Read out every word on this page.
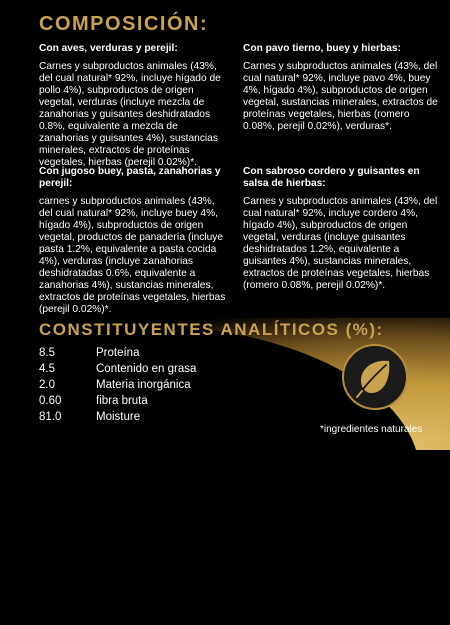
COMPOSICIÓN:
Con aves, verduras y perejil:
Carnes y subproductos animales (43%, del cual natural* 92%, incluye hígado de pollo 4%), subproductos de origen vegetal, verduras (incluye mezcla de zanahorias y guisantes deshidratados 0.8%, equivalente a mezcla de zanahorias y guisantes 4%), sustancias minerales, extractos de proteínas vegetales, hierbas (perejil 0.02%)*.
Con pavo tierno, buey y hierbas:
Carnes y subproductos animales (43%, del cual natural* 92%, incluye pavo 4%, buey 4%, hígado 4%), subproductos de origen vegetal, sustancias minerales, extractos de proteínas vegetales, hierbas (romero 0.08%, perejil 0.02%), verduras*.
Con jugoso buey, pasta, zanahorias y perejil:
carnes y subproductos animales (43%, del cual natural* 92%, incluye buey 4%, hígado 4%), subproductos de origen vegetal, productos de panadería (incluye pasta 1.2%, equivalente a pasta cocida 4%), verduras (incluye zanahorias deshidratadas 0.6%, equivalente a zanahorias 4%), sustancias minerales, extractos de proteínas vegetales, hierbas (perejil 0.02%)*.
Con sabroso cordero y guisantes en salsa de hierbas:
Carnes y subproductos animales (43%, del cual natural* 92%, incluye cordero 4%, hígado 4%), subproductos de origen vegetal, verduras (incluye guisantes deshidratados 1.2%, equivalente a guisantes 4%), sustancias minerales, extractos de proteínas vegetales, hierbas (romero 0.08%, perejil 0.02%)*.
CONSTITUYENTES ANALÍTICOS (%):
8.5	Proteína
4.5	Contenido en grasa
2.0	Materia inorgánica
0.60	fibra bruta
81.0	Moisture
*ingredientes naturales
